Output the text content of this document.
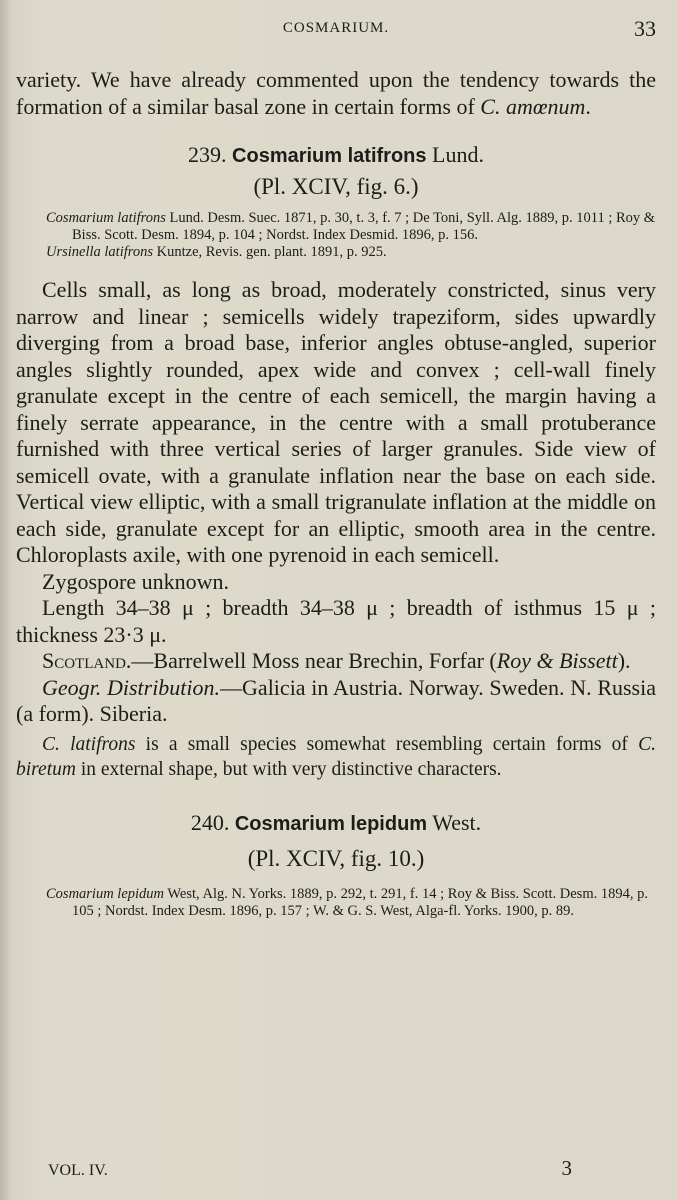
COSMARIUM.	33

variety. We have already commented upon the tendency towards the formation of a similar basal zone in certain forms of C. amœnum.

239. Cosmarium latifrons Lund.
(Pl. XCIV, fig. 6.)

Cosmarium latifrons Lund. Desm. Suec. 1871, p. 30, t. 3, f. 7 ; De Toni, Syll. Alg. 1889, p. 1011 ; Roy & Biss. Scott. Desm. 1894, p. 104 ; Nordst. Index Desmid. 1896, p. 156.

Ursinella latifrons Kuntze, Revis. gen. plant. 1891, p. 925.

Cells small, as long as broad, moderately constricted, sinus very narrow and linear ; semicells widely trapeziform, sides upwardly diverging from a broad base, inferior angles obtuse-angled, superior angles slightly rounded, apex wide and convex ; cell-wall finely granulate except in the centre of each semicell, the margin having a finely serrate appearance, in the centre with a small protuberance furnished with three vertical series of larger granules. Side view of semicell ovate, with a granulate inflation near the base on each side. Vertical view elliptic, with a small trigranulate inflation at the middle on each side, granulate except for an elliptic, smooth area in the centre. Chloroplasts axile, with one pyrenoid in each semicell.

Zygospore unknown.

Length 34–38 μ ; breadth 34–38 μ ; breadth of isthmus 15 μ ; thickness 23·3 μ.

Scotland.—Barrelwell Moss near Brechin, Forfar (Roy & Bissett).

Geogr. Distribution.—Galicia in Austria. Norway. Sweden. N. Russia (a form). Siberia.

C. latifrons is a small species somewhat resembling certain forms of C. biretum in external shape, but with very distinctive characters.

240. Cosmarium lepidum West.
(Pl. XCIV, fig. 10.)

Cosmarium lepidum West, Alg. N. Yorks. 1889, p. 292, t. 291, f. 14 ; Roy & Biss. Scott. Desm. 1894, p. 105 ; Nordst. Index Desm. 1896, p. 157 ; W. & G. S. West, Alga-fl. Yorks. 1900, p. 89.

VOL. IV.	3
